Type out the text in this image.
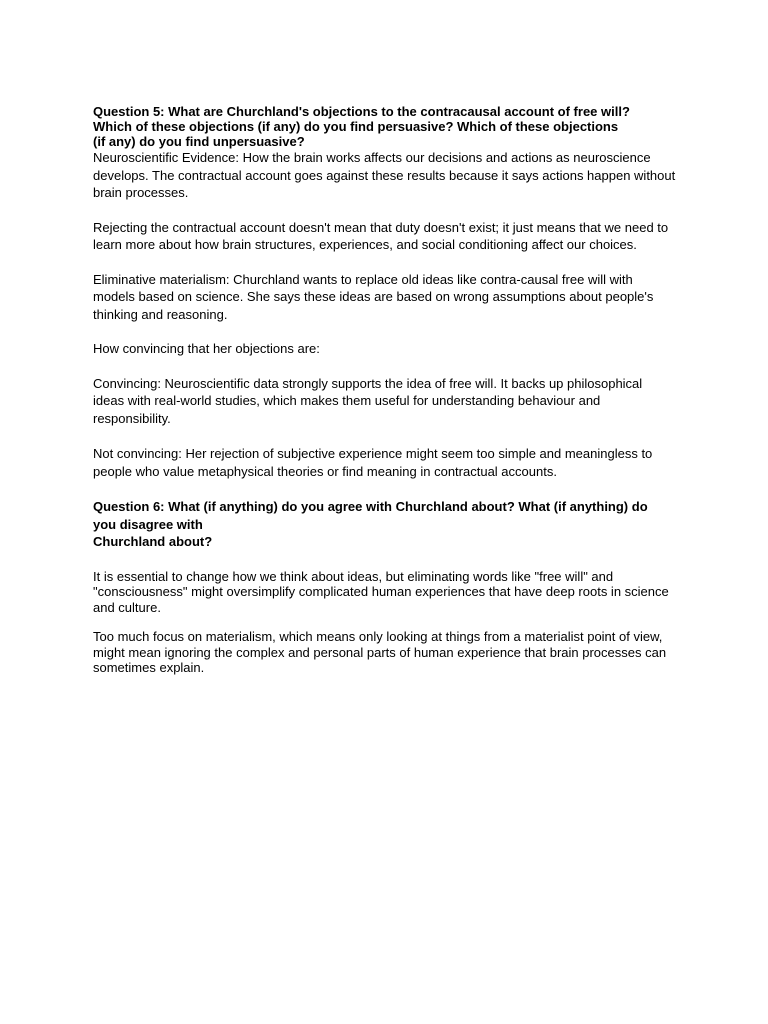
Question 5: What are Churchland's objections to the contracausal account of free will? Which of these objections (if any) do you find persuasive? Which of these objections (if any) do you find unpersuasive?

Neuroscientific Evidence: How the brain works affects our decisions and actions as neuroscience develops. The contractual account goes against these results because it says actions happen without brain processes.

Rejecting the contractual account doesn't mean that duty doesn't exist; it just means that we need to learn more about how brain structures, experiences, and social conditioning affect our choices.

Eliminative materialism: Churchland wants to replace old ideas like contra-causal free will with models based on science. She says these ideas are based on wrong assumptions about people's thinking and reasoning.

How convincing that her objections are:

Convincing: Neuroscientific data strongly supports the idea of free will. It backs up philosophical ideas with real-world studies, which makes them useful for understanding behaviour and responsibility.

Not convincing: Her rejection of subjective experience might seem too simple and meaningless to people who value metaphysical theories or find meaning in contractual accounts.

Question 6: What (if anything) do you agree with Churchland about? What (if anything) do you disagree with
Churchland about?

It is essential to change how we think about ideas, but eliminating words like "free will" and "consciousness" might oversimplify complicated human experiences that have deep roots in science and culture.

Too much focus on materialism, which means only looking at things from a materialist point of view, might mean ignoring the complex and personal parts of human experience that brain processes can sometimes explain.
